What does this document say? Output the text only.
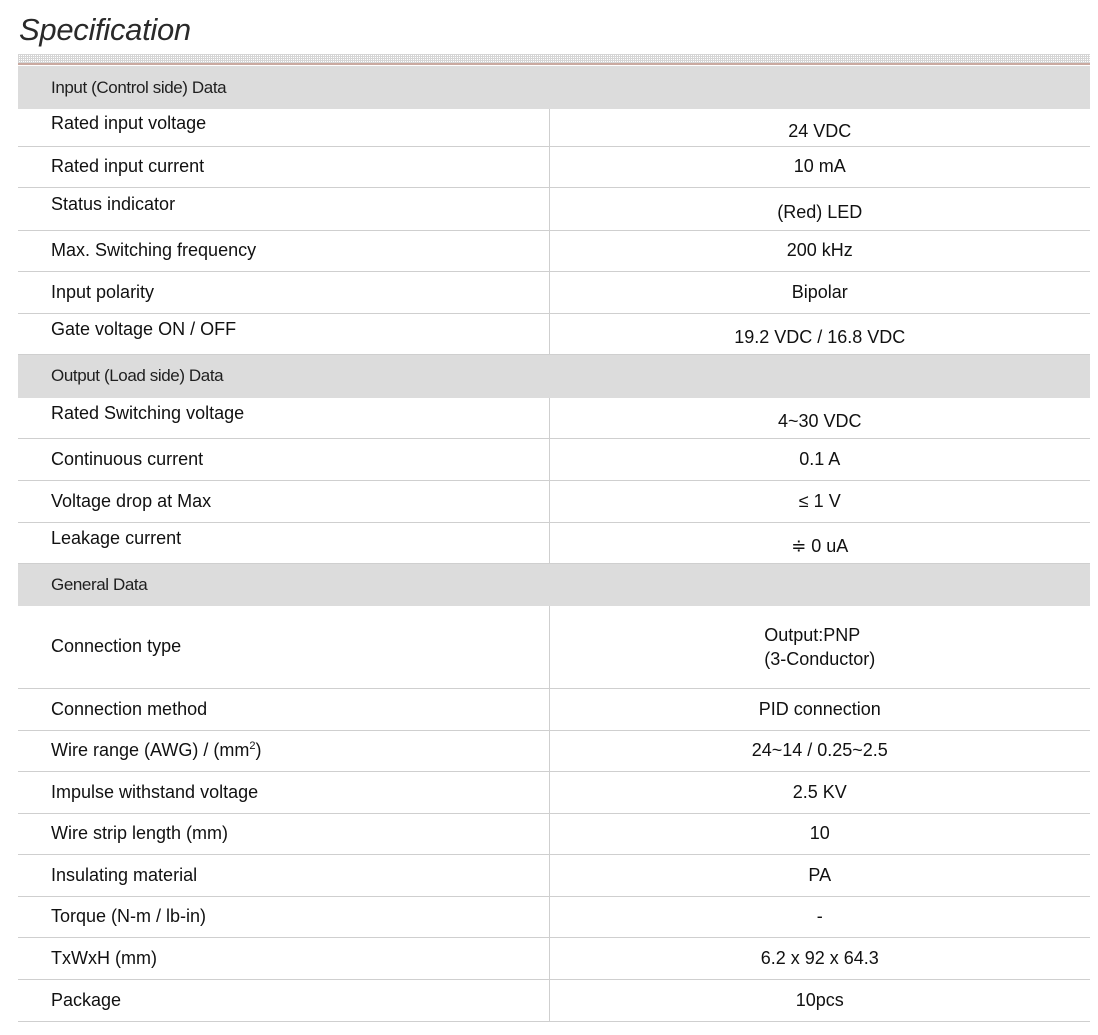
Specification
Input (Control side) Data	
Rated input voltage	24 VDC
Rated input current	10 mA
Status indicator	(Red) LED
Max. Switching frequency	200 kHz
Input polarity	Bipolar
Gate voltage ON / OFF	19.2 VDC / 16.8 VDC
Output (Load side) Data	
Rated Switching voltage	4~30 VDC
Continuous current	0.1 A
Voltage drop at Max	≤ 1 V
Leakage current	≑ 0 uA
General Data	
Connection type	Output:PNP
(3-Conductor)

Connection method	PID connection
Wire range $(AWG) / (mm^2)$	24~14 / 0.25~2.5
Impulse withstand voltage	2.5 KV
Wire strip length (mm)	10
Insulating material	PA
Torque (N-m / lb-in)	-
TxWxH (mm)	6.2 x 92 x 64.3
Package	10pcs
